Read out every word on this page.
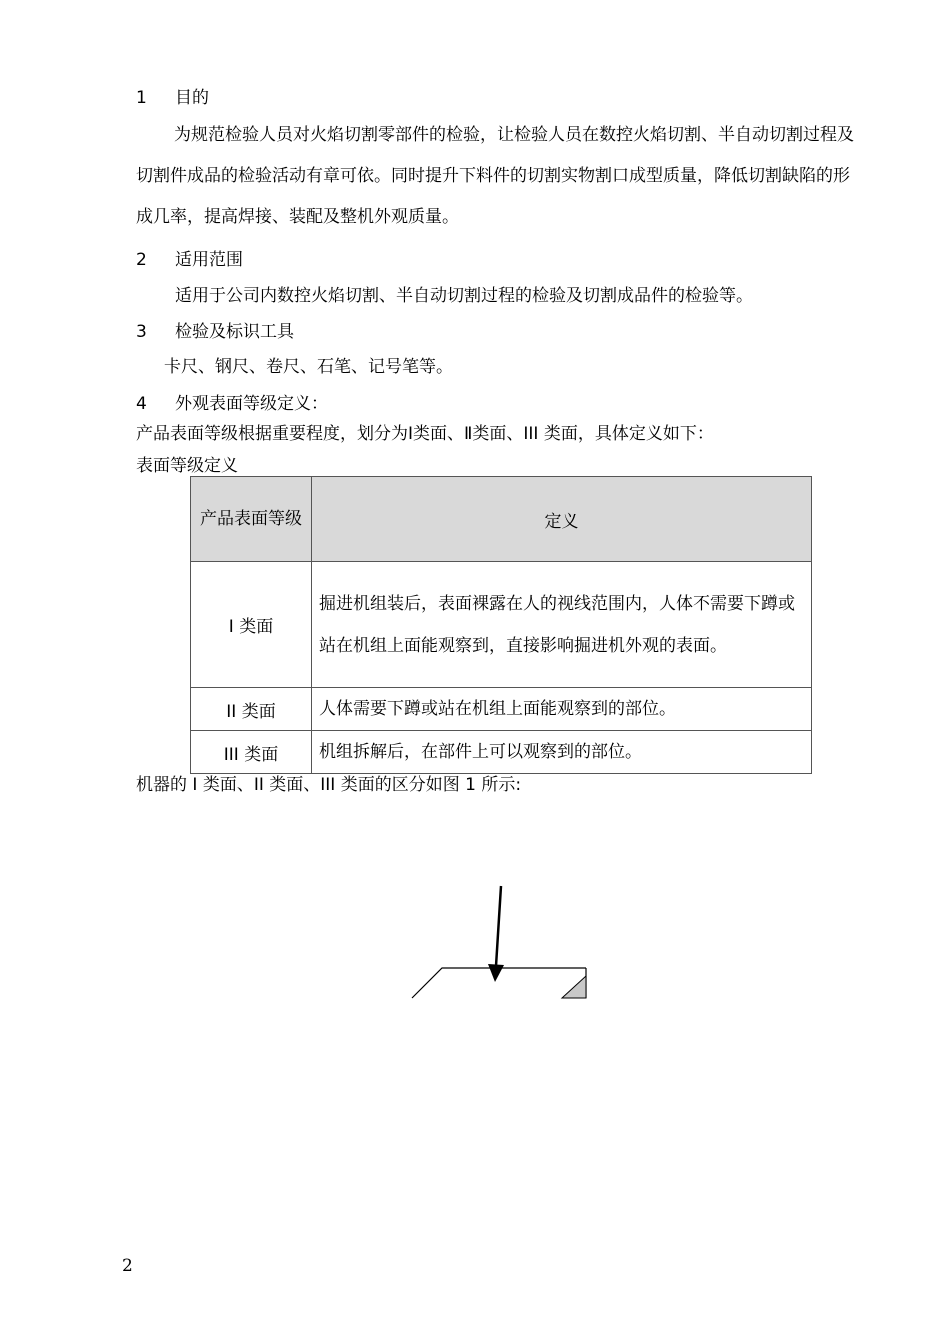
1 目的
为规范检验人员对火焰切割零部件的检验，让检验人员在数控火焰切割、半自动切割过程及切割件成品的检验活动有章可依。同时提升下料件的切割实物割口成型质量，降低切割缺陷的形成几率，提高焊接、装配及整机外观质量。
2 适用范围
适用于公司内数控火焰切割、半自动切割过程的检验及切割成品件的检验等。
3 检验及标识工具
卡尺、钢尺、卷尺、石笔、记号笔等。
4 外观表面等级定义：
产品表面等级根据重要程度，划分为Ⅰ类面、Ⅱ类面、III 类面，具体定义如下：
表面等级定义
产品表面等级	定义
I 类面	掘进机组装后，表面裸露在人的视线范围内，人体不需要下蹲或站在机组上面能观察到，直接影响掘进机外观的表面。
II 类面	人体需要下蹲或站在机组上面能观察到的部位。
III 类面	机组拆解后，在部件上可以观察到的部位。
机器的 I 类面、II 类面、III 类面的区分如图 1 所示:
2
